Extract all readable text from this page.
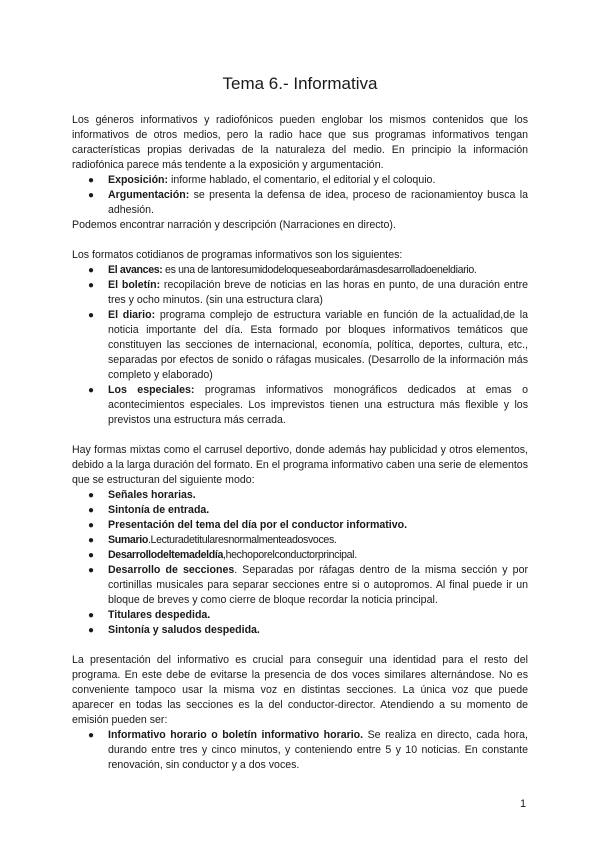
Tema 6.- Informativa

Los géneros informativos y radiofónicos pueden englobar los mismos contenidos que los informativos de otros medios, pero la radio hace que sus programas informativos tengan características propias derivadas de la naturaleza del medio. En principio la información radiofónica parece más tendente a la exposición y argumentación.

● Exposición: informe hablado, el comentario, el editorial y el coloquio.
● Argumentación: se presenta la defensa de idea, proceso de racionamientoy busca la adhesión.

Podemos encontrar narración y descripción (Narraciones en directo).

Los formatos cotidianos de programas informativos son los siguientes:

● El avances: es una de lantoresumidodeloqueseabordarámasdesarrolladoeneldiario.
● El boletín: recopilación breve de noticias en las horas en punto, de una duración entre tres y ocho minutos. (sin una estructura clara)
● El diario: programa complejo de estructura variable en función de la actualidad,de la noticia importante del día. Esta formado por bloques informativos temáticos que constituyen las secciones de internacional, economía, política, deportes, cultura, etc., separadas por efectos de sonido o ráfagas musicales. (Desarrollo de la información más completo y elaborado)
● Los especiales: programas informativos monográficos dedicados at emas o acontecimientos especiales. Los imprevistos tienen una estructura más flexible y los previstos una estructura más cerrada.

Hay formas mixtas como el carrusel deportivo, donde además hay publicidad y otros elementos, debido a la larga duración del formato. En el programa informativo caben una serie de elementos que se estructuran del siguiente modo:

● Señales horarias.
● Sintonía de entrada.
● Presentación del tema del día por el conductor informativo.
● Sumario.Lecturadetitularesnormalmenteadosvoces.
● Desarrollodeltemadeldía,hechoporelconductorprincipal.
● Desarrollo de secciones. Separadas por ráfagas dentro de la misma sección y por cortinillas musicales para separar secciones entre si o autopromos. Al final puede ir un bloque de breves y como cierre de bloque recordar la noticia principal.
● Titulares despedida.
● Sintonía y saludos despedida.

La presentación del informativo es crucial para conseguir una identidad para el resto del programa. En este debe de evitarse la presencia de dos voces similares alternándose. No es conveniente tampoco usar la misma voz en distintas secciones. La única voz que puede aparecer en todas las secciones es la del conductor-director. Atendiendo a su momento de emisión pueden ser:

● Informativo horario o boletín informativo horario. Se realiza en directo, cada hora, durando entre tres y cinco minutos, y conteniendo entre 5 y 10 noticias. En constante renovación, sin conductor y a dos voces.
1
